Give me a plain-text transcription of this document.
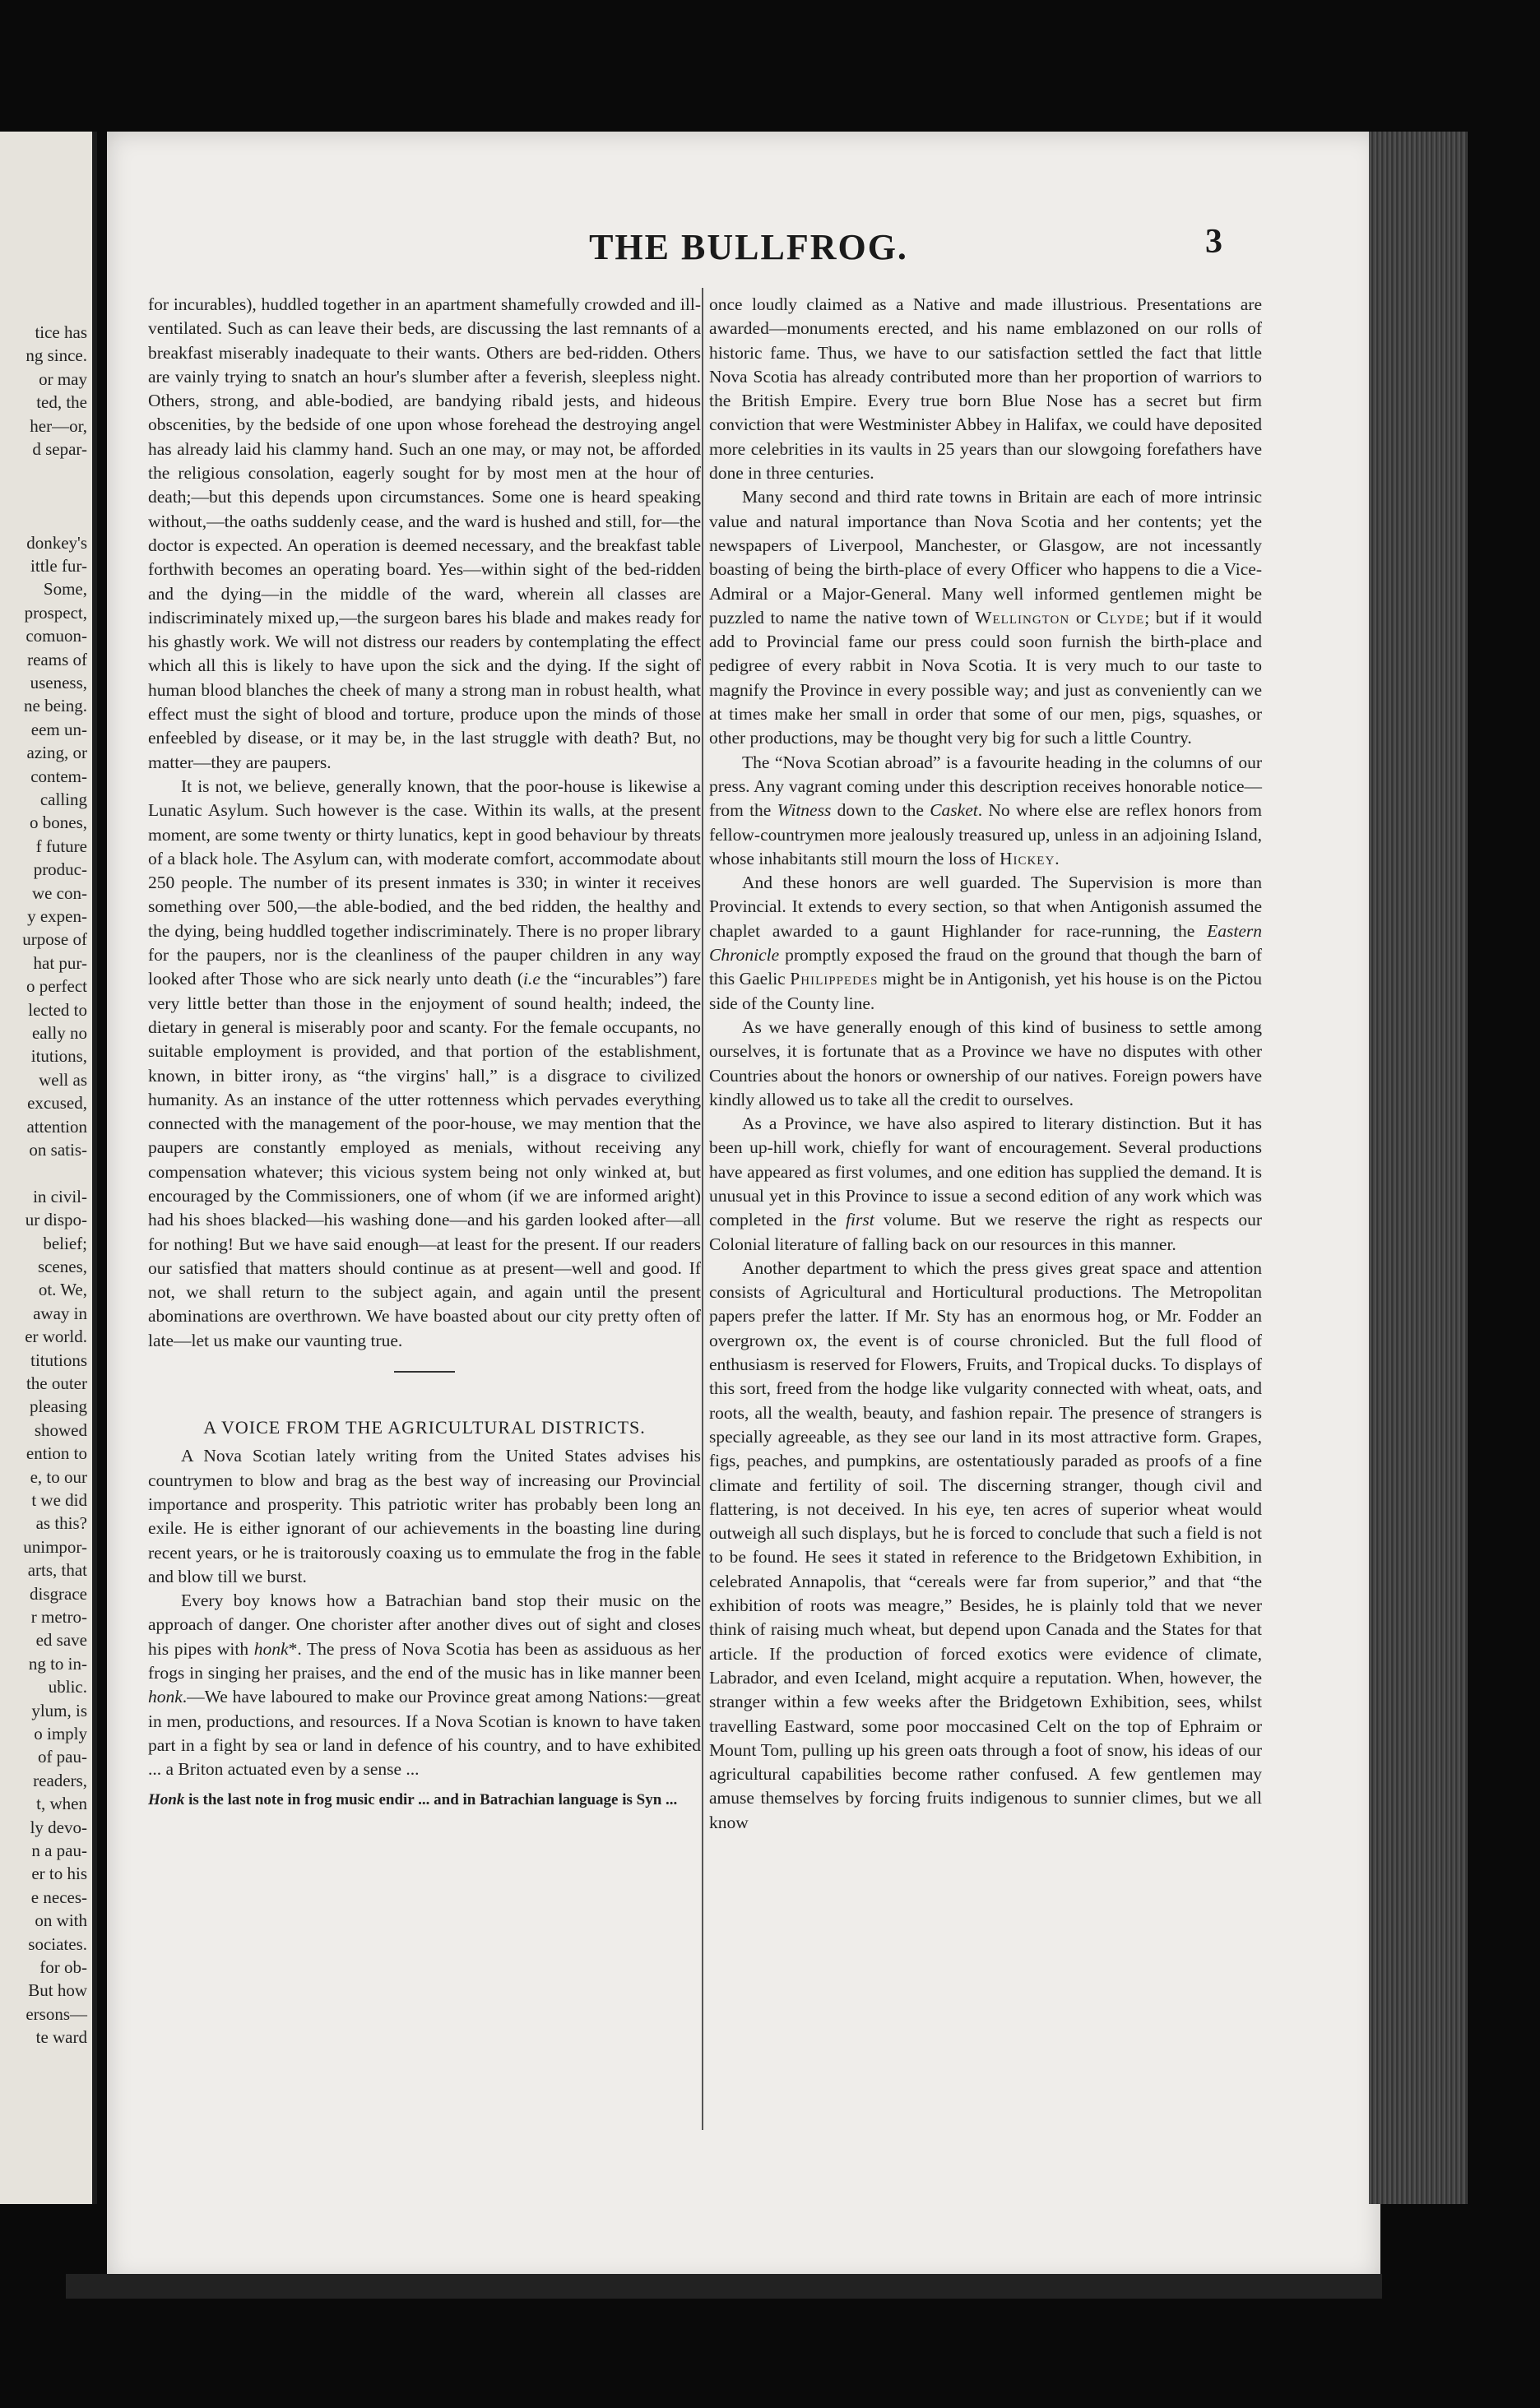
tice has
ng since.
or may
ted, the
her—or,
d separ-
donkey's
ittle fur-
Some,
prospect,
comuon-
reams of
useness,
ne being.
eem un-
azing, or
contem-
calling
o bones,
f future
produc-
we con-
y expen-
urpose of
hat pur-
o perfect
lected to
eally no
itutions,
well as
excused,
attention
on satis-
in civil-
ur dispo-
belief;
scenes,
ot. We,
away in
er world.
titutions
the outer
pleasing
showed
ention to
e, to our
t we did
as this?
unimpor-
arts, that
disgrace
r metro-
ed save
ng to in-
ublic.
ylum, is
o imply
of pau-
readers,
t, when
ly devo-
n a pau-
er to his
e neces-
on with
sociates.
for ob-
But how
ersons—
te ward
THE BULLFROG.	3

for incurables), huddled together in an apartment shamefully crowded and ill-ventilated. Such as can leave their beds, are discussing the last remnants of a breakfast miserably inadequate to their wants. Others are bed-ridden. Others are vainly trying to snatch an hour's slumber after a feverish, sleepless night. Others, strong, and able-bodied, are bandying ribald jests, and hideous obscenities, by the bedside of one upon whose forehead the destroying angel has already laid his clammy hand. Such an one may, or may not, be afforded the religious consolation, eagerly sought for by most men at the hour of death;—but this depends upon circumstances. Some one is heard speaking without,—the oaths suddenly cease, and the ward is hushed and still, for—the doctor is expected. An operation is deemed necessary, and the breakfast table forthwith becomes an operating board. Yes—within sight of the bed-ridden and the dying—in the middle of the ward, wherein all classes are indiscriminately mixed up,—the surgeon bares his blade and makes ready for his ghastly work. We will not distress our readers by contemplating the effect which all this is likely to have upon the sick and the dying. If the sight of human blood blanches the cheek of many a strong man in robust health, what effect must the sight of blood and torture, produce upon the minds of those enfeebled by disease, or it may be, in the last struggle with death? But, no matter—they are paupers.

It is not, we believe, generally known, that the poor-house is likewise a Lunatic Asylum. Such however is the case. Within its walls, at the present moment, are some twenty or thirty lunatics, kept in good behaviour by threats of a black hole. The Asylum can, with moderate comfort, accommodate about 250 people. The number of its present inmates is 330; in winter it receives something over 500,—the able-bodied, and the bed ridden, the healthy and the dying, being huddled together indiscriminately. There is no proper library for the paupers, nor is the cleanliness of the pauper children in any way looked after Those who are sick nearly unto death (i.e the “incurables”) fare very little better than those in the enjoyment of sound health; indeed, the dietary in general is miserably poor and scanty. For the female occupants, no suitable employment is provided, and that portion of the establishment, known, in bitter irony, as “the virgins' hall,” is a disgrace to civilized humanity. As an instance of the utter rottenness which pervades everything connected with the management of the poor-house, we may mention that the paupers are constantly employed as menials, without receiving any compensation whatever; this vicious system being not only winked at, but encouraged by the Commissioners, one of whom (if we are informed aright) had his shoes blacked—his washing done—and his garden looked after—all for nothing! But we have said enough—at least for the present. If our readers our satisfied that matters should continue as at present—well and good. If not, we shall return to the subject again, and again until the present abominations are overthrown. We have boasted about our city pretty often of late—let us make our vaunting true.

A VOICE FROM THE AGRICULTURAL DISTRICTS.

A Nova Scotian lately writing from the United States advises his countrymen to blow and brag as the best way of increasing our Provincial importance and prosperity. This patriotic writer has probably been long an exile. He is either ignorant of our achievements in the boasting line during recent years, or he is traitorously coaxing us to emmulate the frog in the fable and blow till we burst.

Every boy knows how a Batrachian band stop their music on the approach of danger. One chorister after another dives out of sight and closes his pipes with honk*. The press of Nova Scotia has been as assiduous as her frogs in singing her praises, and the end of the music has in like manner been honk.—We have laboured to make our Province great among Nations:—great in men, productions, and resources. If a Nova Scotian is known to have taken part in a fight by sea or land in defence of his country, and to have exhibited ... a Briton actuated even by a sense ...

Honk is the last note in frog music endir ... and in Batrachian language is Syn ...

once loudly claimed as a Native and made illustrious. Presentations are awarded—monuments erected, and his name emblazoned on our rolls of historic fame. Thus, we have to our satisfaction settled the fact that little Nova Scotia has already contributed more than her proportion of warriors to the British Empire. Every true born Blue Nose has a secret but firm conviction that were Westminister Abbey in Halifax, we could have deposited more celebrities in its vaults in 25 years than our slowgoing forefathers have done in three centuries.

Many second and third rate towns in Britain are each of more intrinsic value and natural importance than Nova Scotia and her contents; yet the newspapers of Liverpool, Manchester, or Glasgow, are not incessantly boasting of being the birth-place of every Officer who happens to die a Vice-Admiral or a Major-General. Many well informed gentlemen might be puzzled to name the native town of Wellington or Clyde; but if it would add to Provincial fame our press could soon furnish the birth-place and pedigree of every rabbit in Nova Scotia. It is very much to our taste to magnify the Province in every possible way; and just as conveniently can we at times make her small in order that some of our men, pigs, squashes, or other productions, may be thought very big for such a little Country.

The “Nova Scotian abroad” is a favourite heading in the columns of our press. Any vagrant coming under this description receives honorable notice—from the Witness down to the Casket. No where else are reflex honors from fellow-countrymen more jealously treasured up, unless in an adjoining Island, whose inhabitants still mourn the loss of Hickey.

And these honors are well guarded. The Supervision is more than Provincial. It extends to every section, so that when Antigonish assumed the chaplet awarded to a gaunt Highlander for race-running, the Eastern Chronicle promptly exposed the fraud on the ground that though the barn of this Gaelic Philippedes might be in Antigonish, yet his house is on the Pictou side of the County line.

As we have generally enough of this kind of business to settle among ourselves, it is fortunate that as a Province we have no disputes with other Countries about the honors or ownership of our natives. Foreign powers have kindly allowed us to take all the credit to ourselves.

As a Province, we have also aspired to literary distinction. But it has been up-hill work, chiefly for want of encouragement. Several productions have appeared as first volumes, and one edition has supplied the demand. It is unusual yet in this Province to issue a second edition of any work which was completed in the first volume. But we reserve the right as respects our Colonial literature of falling back on our resources in this manner.

Another department to which the press gives great space and attention consists of Agricultural and Horticultural productions. The Metropolitan papers prefer the latter. If Mr. Sty has an enormous hog, or Mr. Fodder an overgrown ox, the event is of course chronicled. But the full flood of enthusiasm is reserved for Flowers, Fruits, and Tropical ducks. To displays of this sort, freed from the hodge like vulgarity connected with wheat, oats, and roots, all the wealth, beauty, and fashion repair. The presence of strangers is specially agreeable, as they see our land in its most attractive form. Grapes, figs, peaches, and pumpkins, are ostentatiously paraded as proofs of a fine climate and fertility of soil. The discerning stranger, though civil and flattering, is not deceived. In his eye, ten acres of superior wheat would outweigh all such displays, but he is forced to conclude that such a field is not to be found. He sees it stated in reference to the Bridgetown Exhibition, in celebrated Annapolis, that “cereals were far from superior,” and that “the exhibition of roots was meagre,” Besides, he is plainly told that we never think of raising much wheat, but depend upon Canada and the States for that article. If the production of forced exotics were evidence of climate, Labrador, and even Iceland, might acquire a reputation. When, however, the stranger within a few weeks after the Bridgetown Exhibition, sees, whilst travelling Eastward, some poor moccasined Celt on the top of Ephraim or Mount Tom, pulling up his green oats through a foot of snow, his ideas of our agricultural capabilities become rather confused. A few gentlemen may amuse themselves by forcing fruits indigenous to sunnier climes, but we all know
